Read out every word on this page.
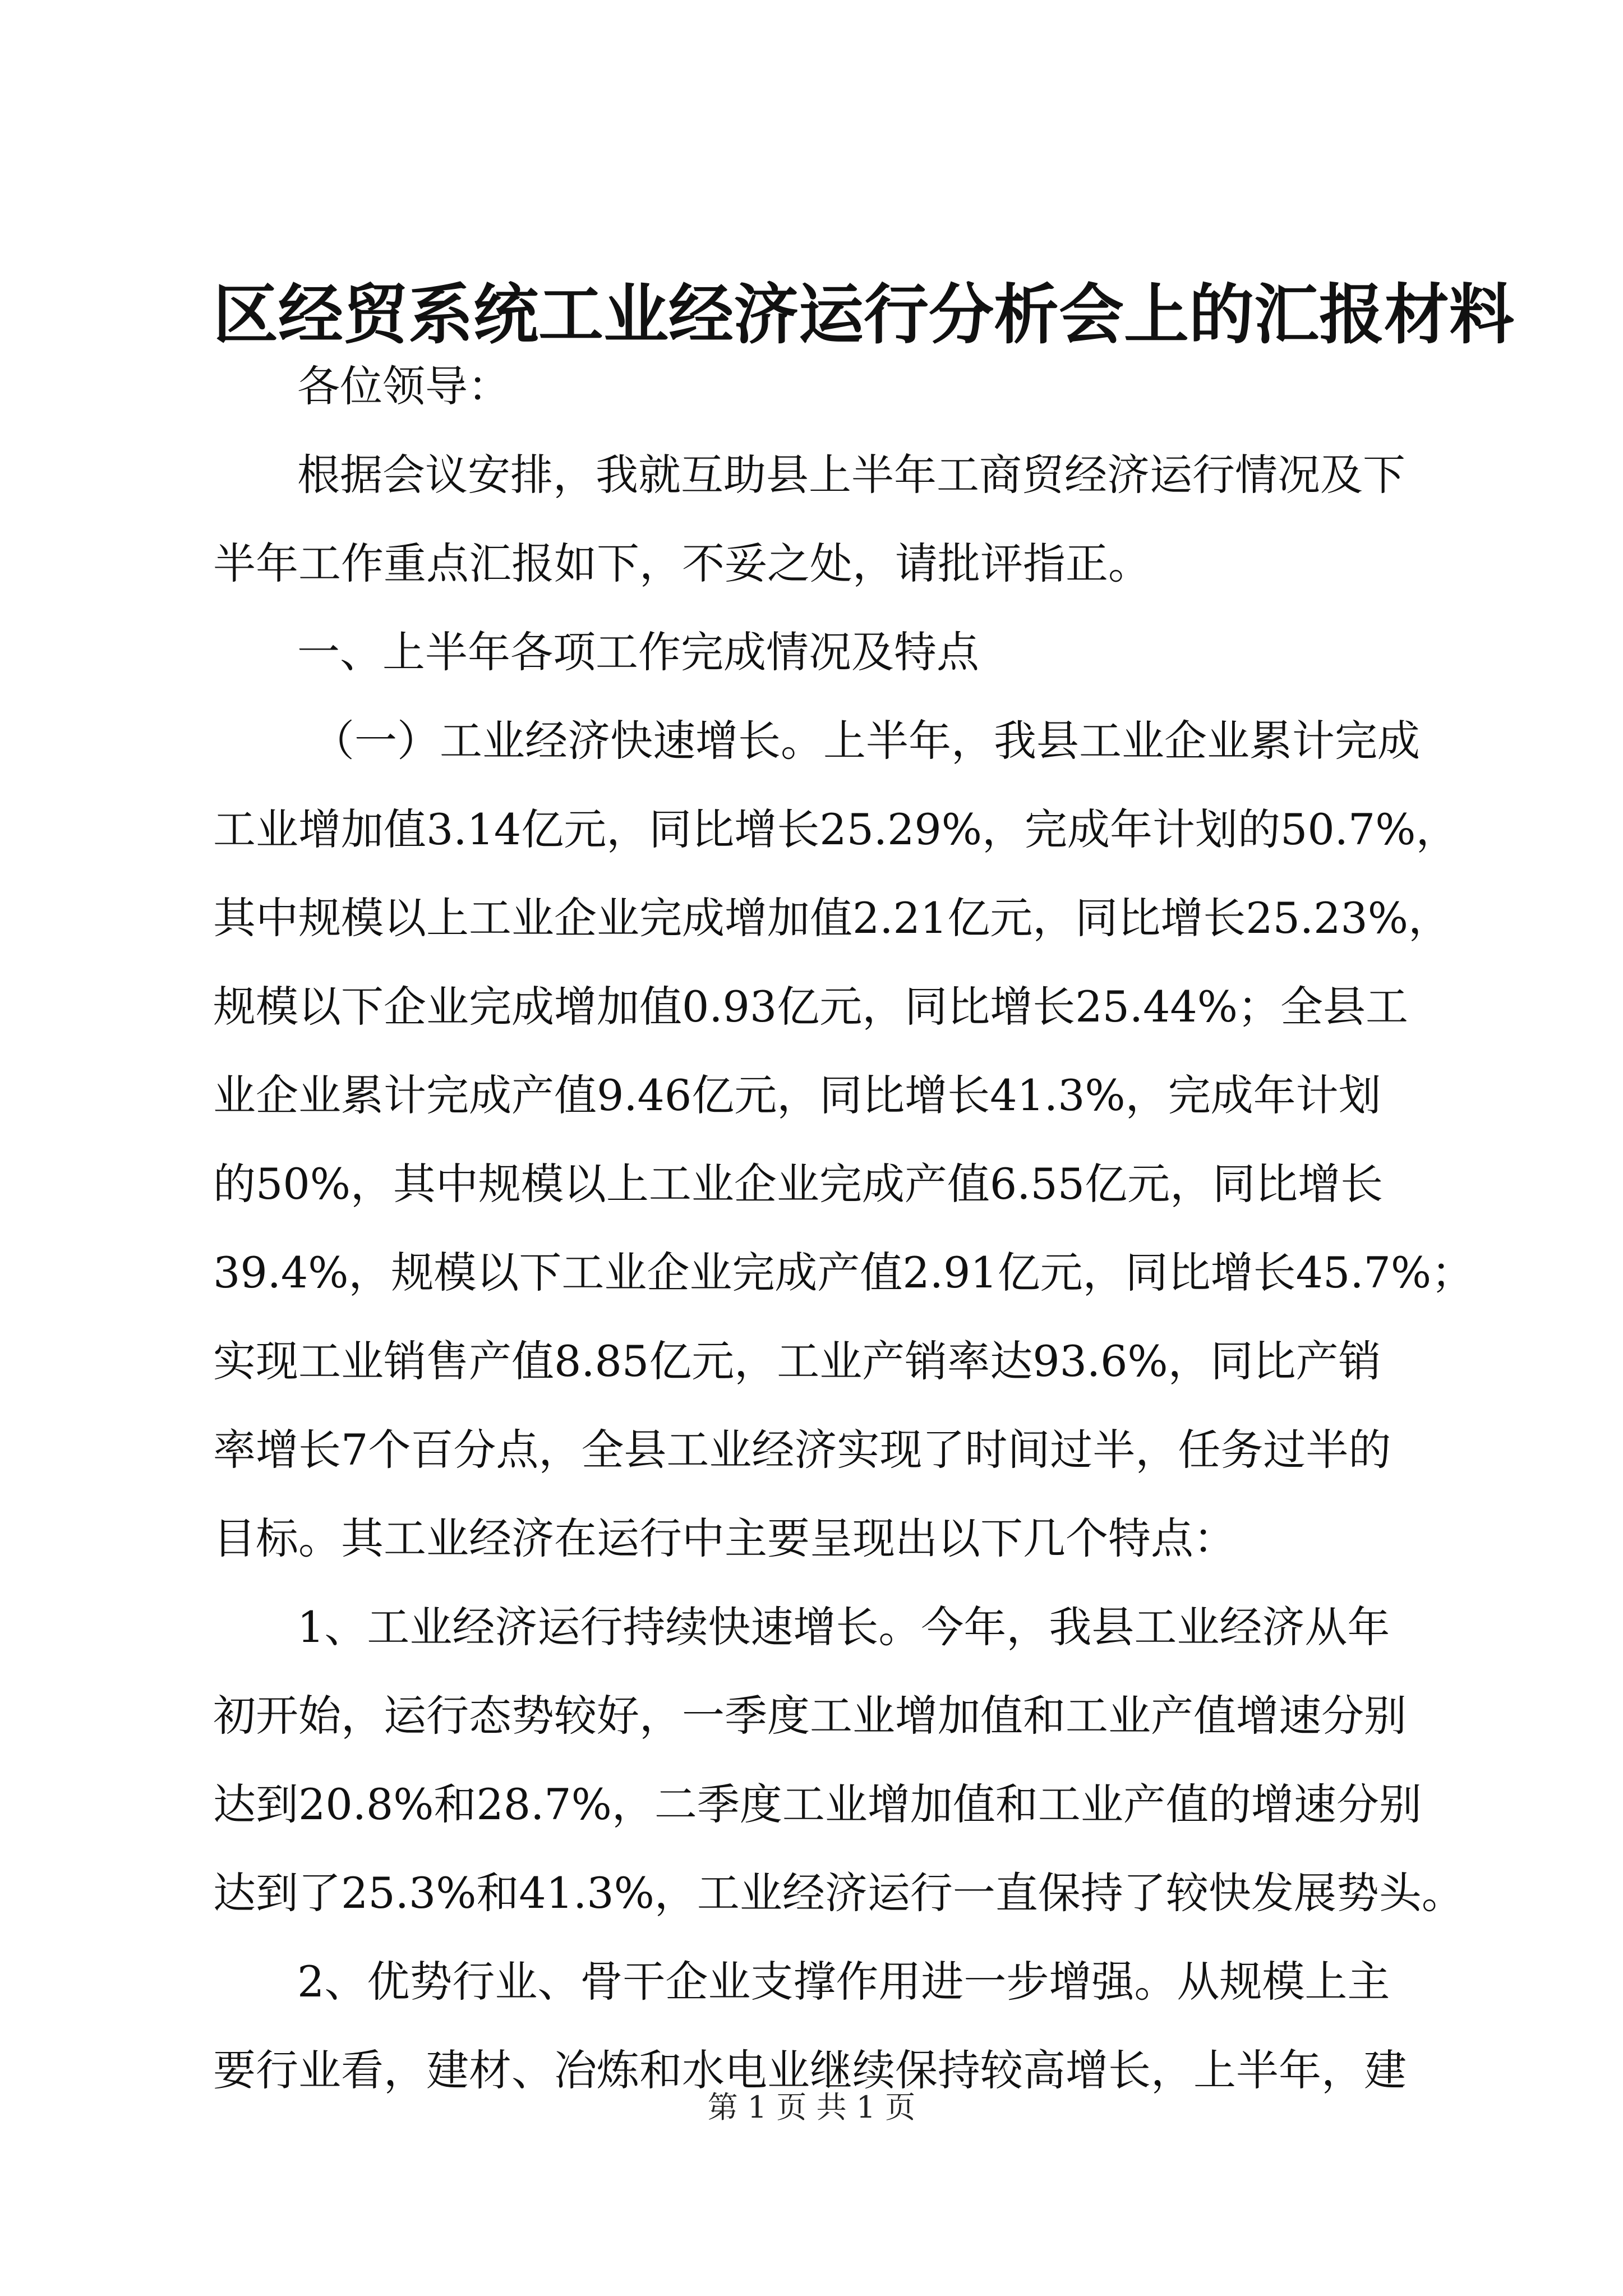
区经贸系统工业经济运行分析会上的汇报材料
各位领导：
根据会议安排，我就互助县上半年工商贸经济运行情况及下
半年工作重点汇报如下，不妥之处，请批评指正。
一、上半年各项工作完成情况及特点
（一）工业经济快速增长。上半年，我县工业企业累计完成
工业增加值3.14亿元，同比增长25.29%，完成年计划的50.7%，
其中规模以上工业企业完成增加值2.21亿元，同比增长25.23%，
规模以下企业完成增加值0.93亿元，同比增长25.44%；全县工
业企业累计完成产值9.46亿元，同比增长41.3%，完成年计划
的50%，其中规模以上工业企业完成产值6.55亿元，同比增长
39.4%，规模以下工业企业完成产值2.91亿元，同比增长45.7%；
实现工业销售产值8.85亿元，工业产销率达93.6%，同比产销
率增长7个百分点，全县工业经济实现了时间过半，任务过半的
目标。其工业经济在运行中主要呈现出以下几个特点：
1、工业经济运行持续快速增长。今年，我县工业经济从年
初开始，运行态势较好，一季度工业增加值和工业产值增速分别
达到20.8%和28.7%，二季度工业增加值和工业产值的增速分别
达到了25.3%和41.3%，工业经济运行一直保持了较快发展势头。
2、优势行业、骨干企业支撑作用进一步增强。从规模上主
要行业看，建材、冶炼和水电业继续保持较高增长，上半年，建
第 1 页 共 1 页
